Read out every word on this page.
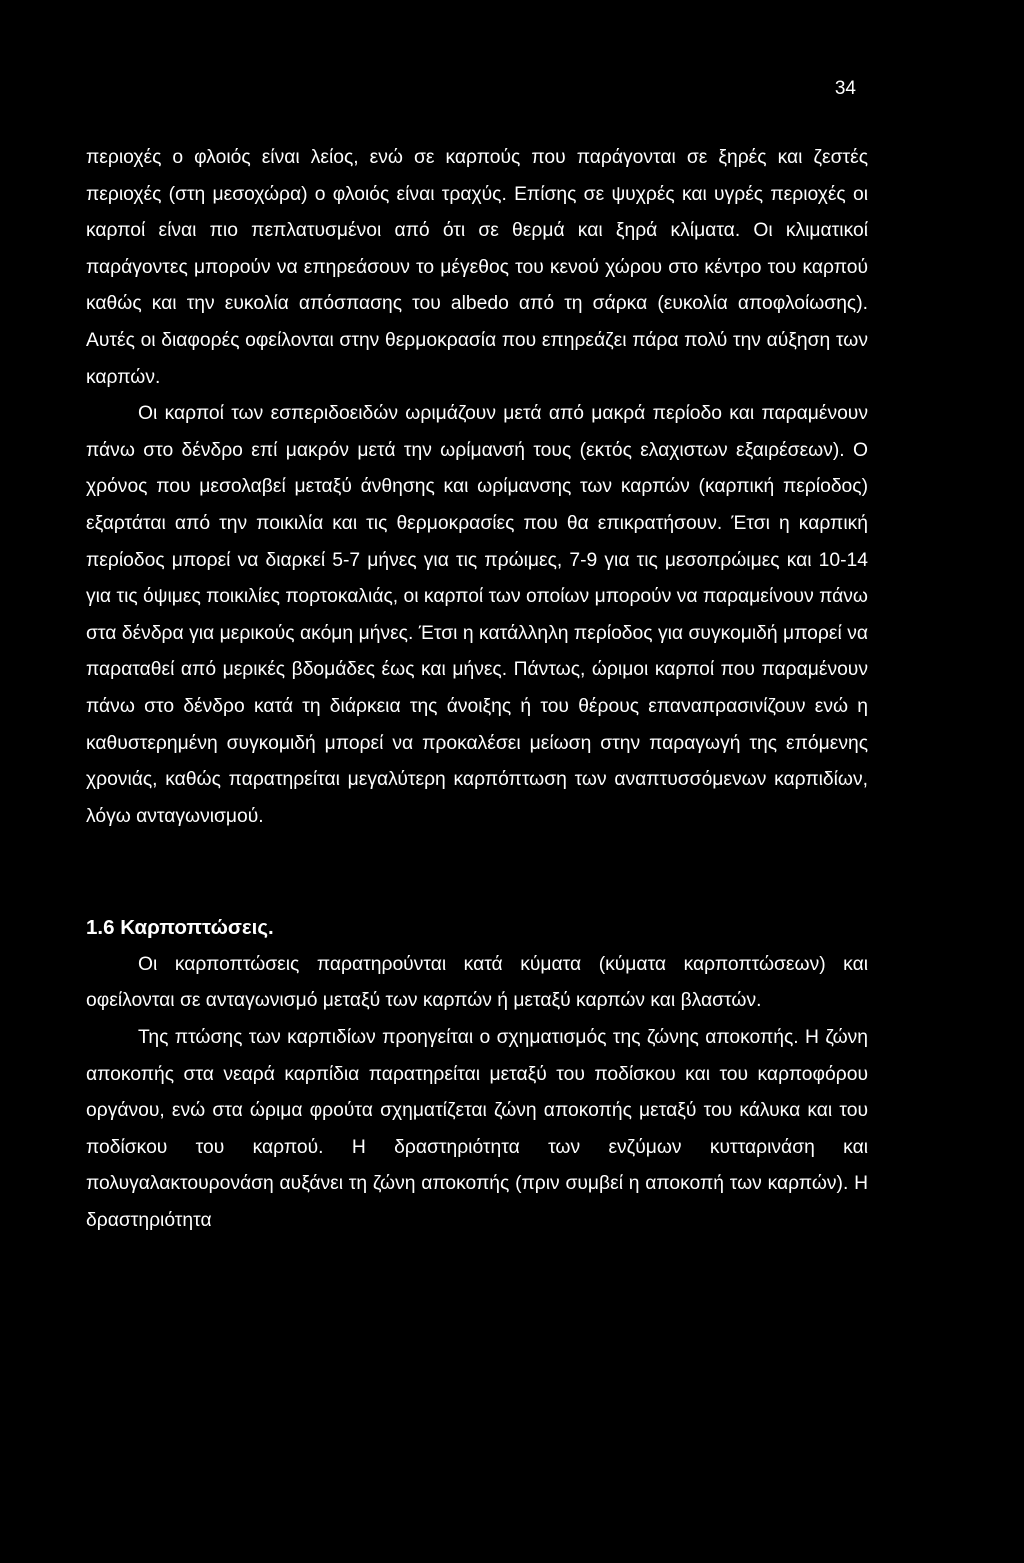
34

περιοχές ο φλοιός είναι λείος, ενώ σε καρπούς που παράγονται σε ξηρές και ζεστές περιοχές (στη μεσοχώρα) ο φλοιός είναι τραχύς. Επίσης σε ψυχρές και υγρές περιοχές οι καρποί είναι πιο πεπλατυσμένοι από ότι σε θερμά και ξηρά κλίματα. Οι κλιματικοί παράγοντες μπορούν να επηρεάσουν το μέγεθος του κενού χώρου στο κέντρο του καρπού καθώς και την ευκολία απόσπασης του albedo από τη σάρκα (ευκολία αποφλοίωσης). Αυτές οι διαφορές οφείλονται στην θερμοκρασία που επηρεάζει πάρα πολύ την αύξηση των καρπών.

Οι καρποί των εσπεριδοειδών ωριμάζουν μετά από μακρά περίοδο και παραμένουν πάνω στο δένδρο επί μακρόν μετά την ωρίμανσή τους (εκτός ελαχιστων εξαιρέσεων). Ο χρόνος που μεσολαβεί μεταξύ άνθησης και ωρίμανσης των καρπών (καρπική περίοδος) εξαρτάται από την ποικιλία και τις θερμοκρασίες που θα επικρατήσουν. Έτσι η καρπική περίοδος μπορεί να διαρκεί 5-7 μήνες για τις πρώιμες, 7-9 για τις μεσοπρώιμες και 10-14 για τις όψιμες ποικιλίες πορτοκαλιάς, οι καρποί των οποίων μπορούν να παραμείνουν πάνω στα δένδρα για μερικούς ακόμη μήνες. Έτσι η κατάλληλη περίοδος για συγκομιδή μπορεί να παραταθεί από μερικές βδομάδες έως και μήνες. Πάντως, ώριμοι καρποί που παραμένουν πάνω στο δένδρο κατά τη διάρκεια της άνοιξης ή του θέρους επαναπρασινίζουν ενώ η καθυστερημένη συγκομιδή μπορεί να προκαλέσει μείωση στην παραγωγή της επόμενης χρονιάς, καθώς παρατηρείται μεγαλύτερη καρπόπτωση των αναπτυσσόμενων καρπιδίων, λόγω ανταγωνισμού.

1.6 Καρποπτώσεις.

Οι καρποπτώσεις παρατηρούνται κατά κύματα (κύματα καρποπτώσεων) και οφείλονται σε ανταγωνισμό μεταξύ των καρπών ή μεταξύ καρπών και βλαστών.

Της πτώσης των καρπιδίων προηγείται ο σχηματισμός της ζώνης αποκοπής. Η ζώνη αποκοπής στα νεαρά καρπίδια παρατηρείται μεταξύ του ποδίσκου και του καρποφόρου οργάνου, ενώ στα ώριμα φρούτα σχηματίζεται ζώνη αποκοπής μεταξύ του κάλυκα και του ποδίσκου του καρπού. Η δραστηριότητα των ενζύμων κυτταρινάση και πολυγαλακτουρονάση αυξάνει τη ζώνη αποκοπής (πριν συμβεί η αποκοπή των καρπών). Η δραστηριότητα
